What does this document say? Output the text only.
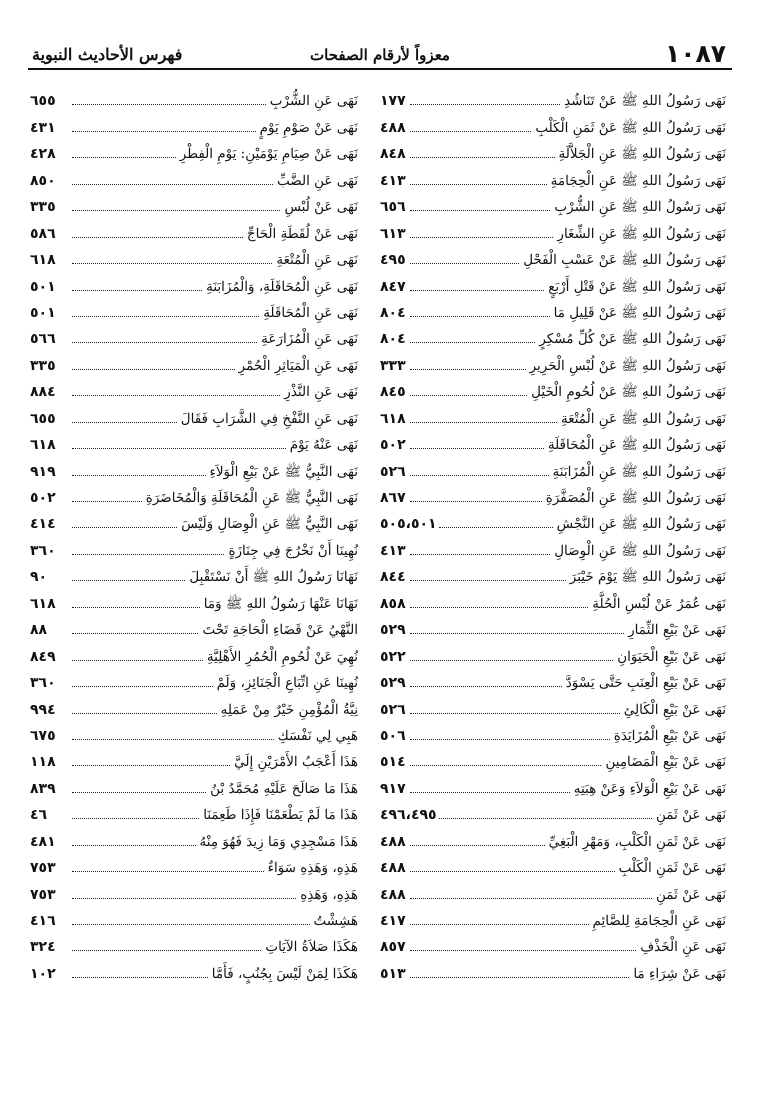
١٠٨٧
معزواً لأرقام الصفحات
فهرس الأحاديث النبوية
نَهَى رَسُولُ اللهِ ﷺ عَنْ تَنَاشُدِ
١٧٧
نَهَى رَسُولُ اللهِ ﷺ عَنْ ثَمَنِ الْكَلْبِ
٤٨٨
نَهَى رَسُولُ اللهِ ﷺ عَنِ الْجَلاَّلَةِ
٨٤٨
نَهَى رَسُولُ اللهِ ﷺ عَنِ الْحِجَامَةِ
٤١٣
نَهَى رَسُولُ اللهِ ﷺ عَنِ الشُّرْبِ
٦٥٦
نَهَى رَسُولُ اللهِ ﷺ عَنِ الشِّغَارِ
٦١٣
نَهَى رَسُولُ اللهِ ﷺ عَنْ عَسْبِ الْفَحْلِ
٤٩٥
نَهَى رَسُولُ اللهِ ﷺ عَنْ قَتْلِ أَرْبَعٍ
٨٤٧
نَهَى رَسُولُ اللهِ ﷺ عَنْ قَلِيلِ مَا
٨٠٤
نَهَى رَسُولُ اللهِ ﷺ عَنْ كُلِّ مُسْكِرٍ
٨٠٤
نَهَى رَسُولُ اللهِ ﷺ عَنْ لُبْسِ الْحَرِيرِ
٣٣٣
نَهَى رَسُولُ اللهِ ﷺ عَنْ لُحُومِ الْخَيْلِ
٨٤٥
نَهَى رَسُولُ اللهِ ﷺ عَنِ الْمُتْعَةِ
٦١٨
نَهَى رَسُولُ اللهِ ﷺ عَنِ الْمُحَاقَلَةِ
٥٠٢
نَهَى رَسُولُ اللهِ ﷺ عَنِ الْمُزَابَنَةِ
٥٢٦
نَهَى رَسُولُ اللهِ ﷺ عَنِ الْمُصَفَّرَةِ
٨٦٧
نَهَى رَسُولُ اللهِ ﷺ عَنِ النَّجْشِ
٥٠٥،٥٠١
نَهَى رَسُولُ اللهِ ﷺ عَنِ الْوِصَالِ
٤١٣
نَهَى رَسُولُ اللهِ ﷺ يَوْمَ خَيْبَرَ
٨٤٤
نَهَى عُمَرُ عَنْ لُبْسِ الْحُلَّةِ
٨٥٨
نَهَى عَنْ بَيْعِ الثِّمَارِ
٥٢٩
نَهَى عَنْ بَيْعِ الْحَيَوَانِ
٥٢٢
نَهَى عَنْ بَيْعِ الْعِنَبِ حَتَّى يَسْوَدَّ
٥٢٩
نَهَى عَنْ بَيْعِ الْكَالِئِ
٥٢٦
نَهَى عَنْ بَيْعِ الْمُزَايَدَةِ
٥٠٦
نَهَى عَنْ بَيْعِ الْمَضَامِينِ
٥١٤
نَهَى عَنْ بَيْعِ الْوَلاَءِ وَعَنْ هِبَتِهِ
٩١٧
نَهَى عَنْ ثَمَنِ
٤٩٦،٤٩٥
نَهَى عَنْ ثَمَنِ الْكَلْبِ، وَمَهْرِ الْبَغِيِّ
٤٨٨
نَهَى عَنْ ثَمَنِ الْكَلْبِ
٤٨٨
نَهَى عَنْ ثَمَنِ
٤٨٨
نَهَى عَنِ الْحِجَامَةِ لِلصَّائِمِ
٤١٧
نَهَى عَنِ الْخَذْفِ
٨٥٧
نَهَى عَنْ شِرَاءِ مَا
٥١٣
نَهَى عَنِ الشُّرْبِ
٦٥٥
نَهَى عَنْ صَوْمِ يَوْمٍ
٤٣١
نَهَى عَنْ صِيَامِ يَوْمَيْنِ: يَوْمِ الْفِطْرِ
٤٢٨
نَهَى عَنِ الضَّبِّ
٨٥٠
نَهَى عَنْ لُبْسِ
٣٣٥
نَهَى عَنْ لُقَطَةِ الْحَاجِّ
٥٨٦
نَهَى عَنِ الْمُتْعَةِ
٦١٨
نَهَى عَنِ الْمُحَاقَلَةِ، وَالْمُزَابَنَةِ
٥٠١
نَهَى عَنِ الْمُحَاقَلَةِ
٥٠١
نَهَى عَنِ الْمُزَارَعَةِ
٥٦٦
نَهَى عَنِ الْمَيَاثِرِ الْحُمْرِ
٣٣٥
نَهَى عَنِ النَّذْرِ
٨٨٤
نَهَى عَنِ النَّفْخِ فِي الشَّرَابِ فَقَالَ
٦٥٥
نَهَى عَنْهُ يَوْمَ
٦١٨
نَهَى النَّبِيُّ ﷺ عَنْ بَيْعِ الْوَلاَءِ
٩١٩
نَهَى النَّبِيُّ ﷺ عَنِ الْمُحَاقَلَةِ وَالْمُخَاضَرَةِ
٥٠٢
نَهَى النَّبِيُّ ﷺ عَنِ الْوِصَالِ وَلَيْسَ
٤١٤
نُهِينَا أَنْ نَخْرُجَ فِي جِنَازَةٍ
٣٦٠
نَهَانَا رَسُولُ اللهِ ﷺ أَنْ نَسْتَقْبِلَ
٩٠
نَهَانَا عَنْهَا رَسُولُ اللهِ ﷺ وَمَا
٦١٨
النَّهْيُ عَنْ قَضَاءِ الْحَاجَةِ تَحْتَ
٨٨
نُهِيَ عَنْ لُحُومِ الْحُمُرِ الأَهْلِيَّةِ
٨٤٩
نُهِينَا عَنِ اتِّبَاعِ الْجَنَائِزِ، وَلَمْ
٣٦٠
نِيَّةُ الْمُؤْمِنِ خَيْرٌ مِنْ عَمَلِهِ
٩٩٤
هَبِي لِي نَفْسَكِ
٦٧٥
هَذَا أَعْجَبُ الأَمْرَيْنِ إِلَيَّ
١١٨
هَذَا مَا صَالَحَ عَلَيْهِ مُحَمَّدُ بْنُ
٨٣٩
هَذَا مَا لَمْ يَطْعَمْنَا فَإِذَا طَعِمَنَا
٤٦
هَذَا مَسْجِدِي وَمَا زِيدَ فَهُوَ مِنْهُ
٤٨١
هَذِهِ، وَهَذِهِ سَوَاءٌ
٧٥٣
هَذِهِ، وَهَذِهِ
٧٥٣
هَشِشْتُ
٤١٦
هَكَذَا صَلاَةُ الآيَاتِ
٣٢٤
هَكَذَا لِمَنْ لَيْسَ بِجُنُبٍ، فَأَمَّا
١٠٢
